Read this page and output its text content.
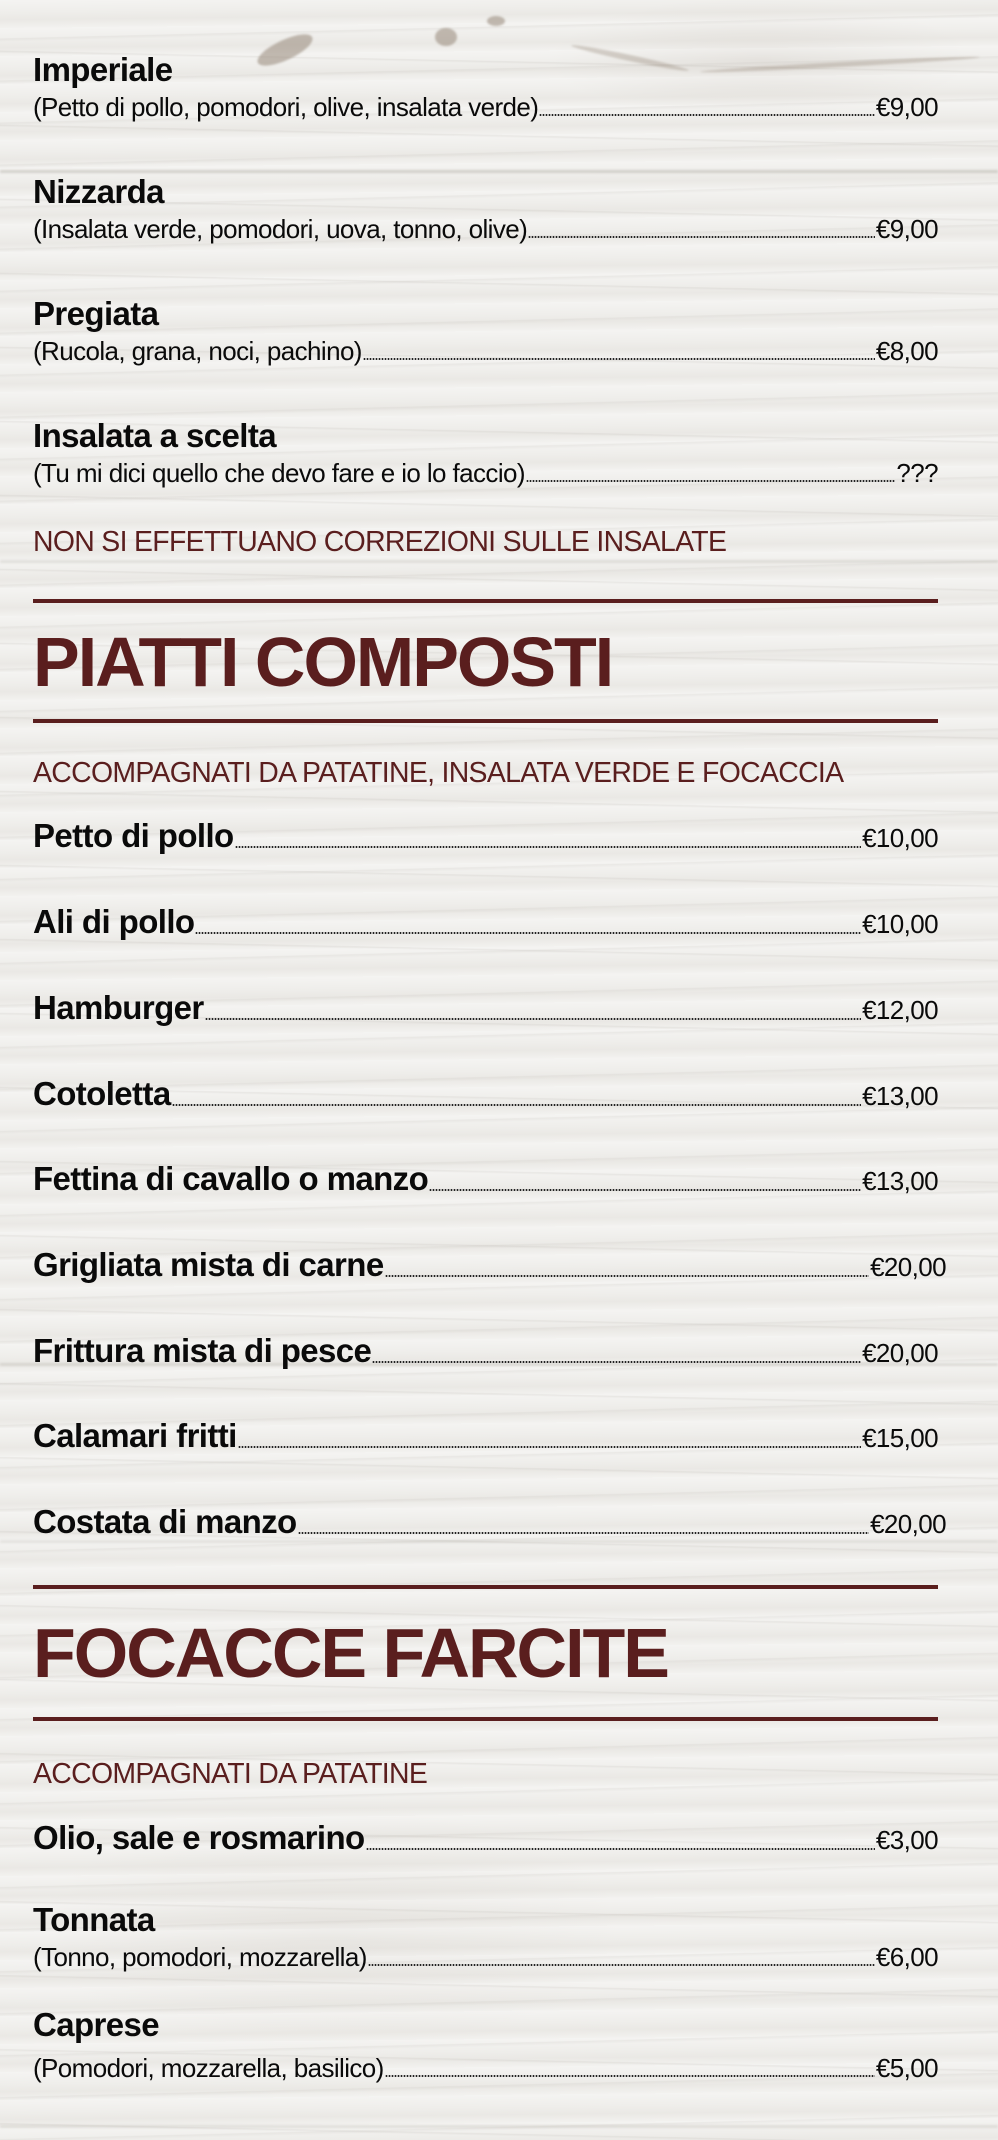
Imperiale
(Petto di pollo, pomodori, olive, insalata verde)	€9,00
Nizzarda
(Insalata verde, pomodori, uova, tonno, olive)	€9,00
Pregiata
(Rucola, grana, noci, pachino)	€8,00
Insalata a scelta
(Tu mi dici quello che devo fare e io lo faccio)	???
NON SI EFFETTUANO CORREZIONI SULLE INSALATE
PIATTI COMPOSTI
ACCOMPAGNATI DA PATATINE, INSALATA VERDE E FOCACCIA
Petto di pollo	€10,00
Ali di pollo	€10,00
Hamburger	€12,00
Cotoletta	€13,00
Fettina di cavallo o manzo	€13,00
Grigliata mista di carne	€20,00
Frittura mista di pesce	€20,00
Calamari fritti	€15,00
Costata di manzo	€20,00
FOCACCE FARCITE
ACCOMPAGNATI DA PATATINE
Olio, sale e rosmarino	€3,00
Tonnata
(Tonno, pomodori, mozzarella)	€6,00
Caprese
(Pomodori, mozzarella, basilico)	€5,00
